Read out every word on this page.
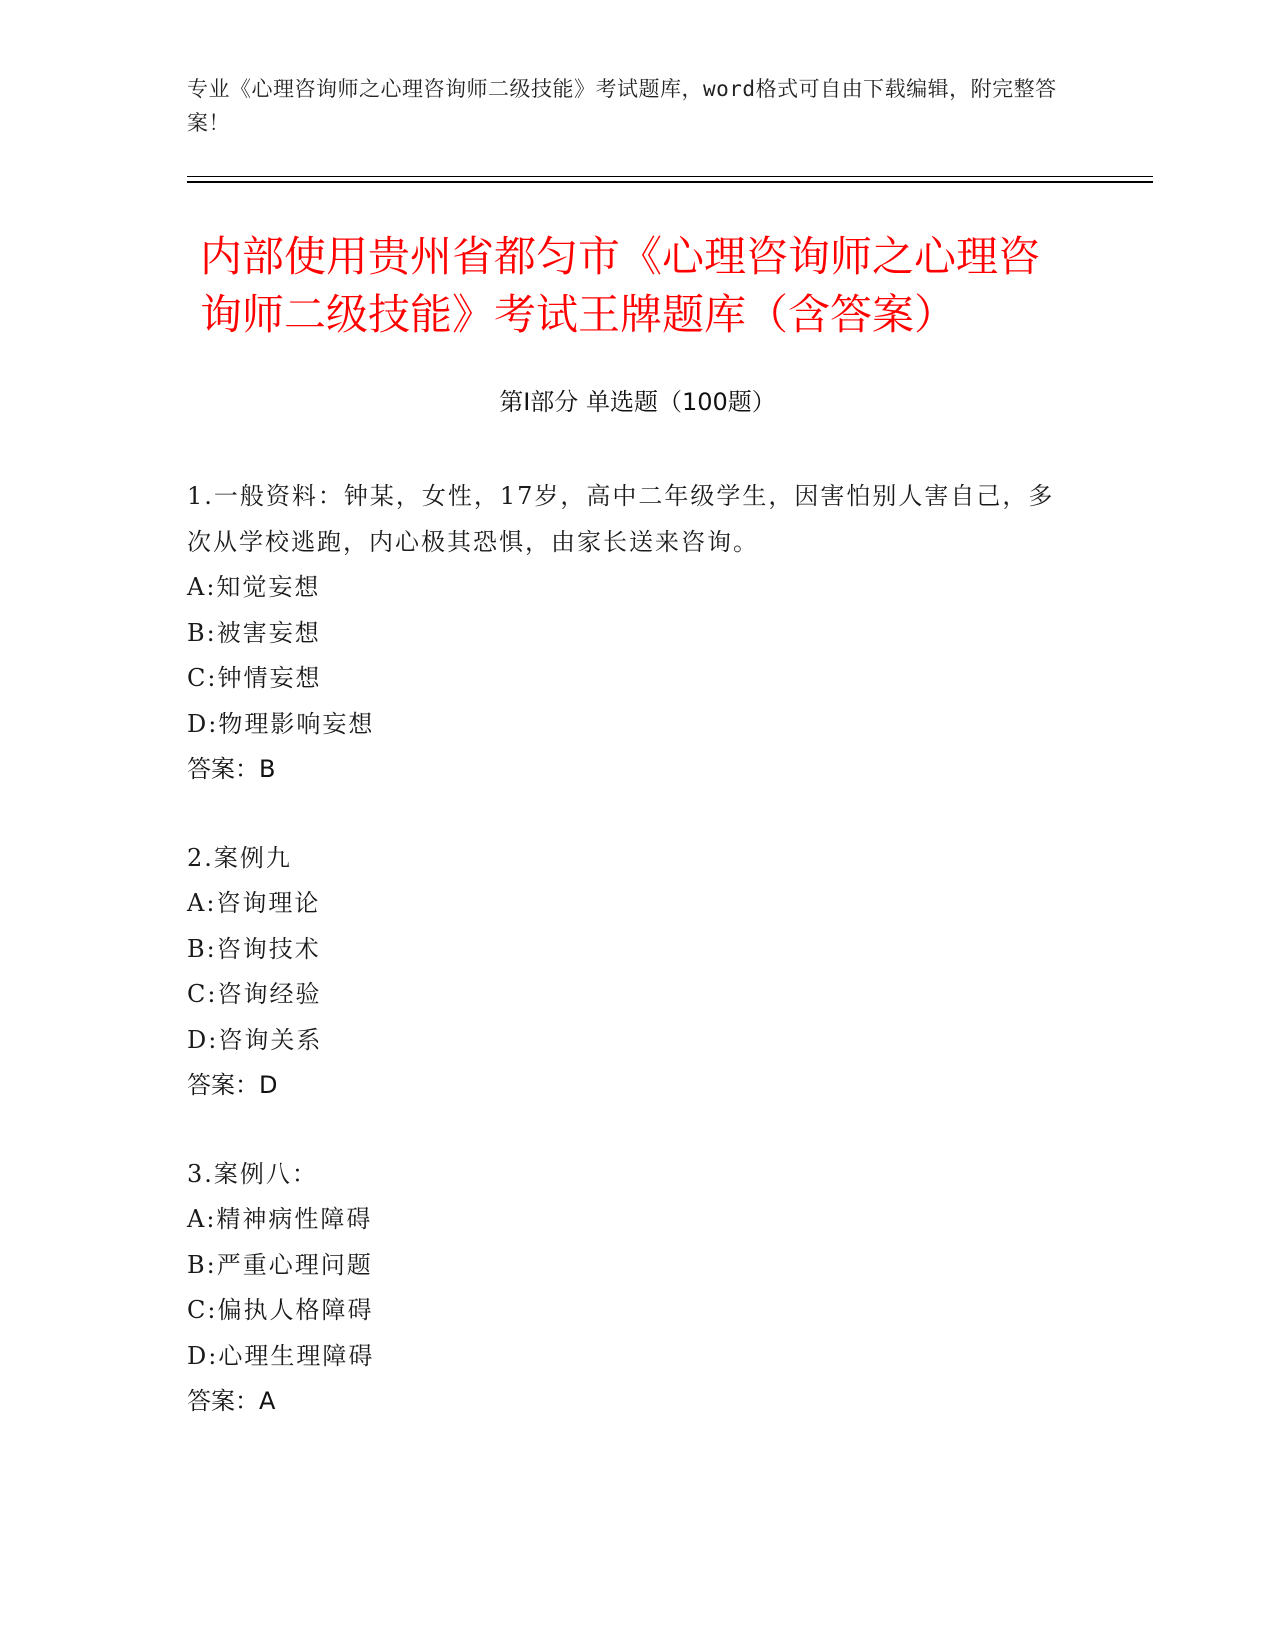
专业《心理咨询师之心理咨询师二级技能》考试题库，word格式可自由下载编辑，附完整答案！
内部使用贵州省都匀市《心理咨询师之心理咨询师二级技能》考试王牌题库（含答案）
第Ⅰ部分 单选题（100题）
1.一般资料：钟某，女性，17岁，高中二年级学生，因害怕别人害自己，多次从学校逃跑，内心极其恐惧，由家长送来咨询。
A:知觉妄想
B:被害妄想
C:钟情妄想
D:物理影响妄想
答案：B
2.案例九
A:咨询理论
B:咨询技术
C:咨询经验
D:咨询关系
答案：D
3.案例八：
A:精神病性障碍
B:严重心理问题
C:偏执人格障碍
D:心理生理障碍
答案：A
